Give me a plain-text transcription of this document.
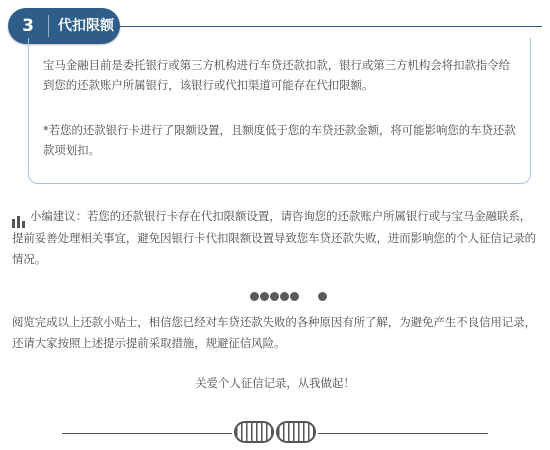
3	代扣限额

宝马金融目前是委托银行或第三方机构进行车贷还款扣款，银行或第三方机构会将扣款指令给到您的还款账户所属银行，该银行或代扣渠道可能存在代扣限额。

*若您的还款银行卡进行了限额设置，且额度低于您的车贷还款金额，将可能影响您的车贷还款款项划扣。

小编建议：若您的还款银行卡存在代扣限额设置，请咨询您的还款账户所属银行或与宝马金融联系，提前妥善处理相关事宜，避免因银行卡代扣限额设置导致您车贷还款失败，进而影响您的个人征信记录的情况。

阅览完成以上还款小贴士，相信您已经对车贷还款失败的各种原因有所了解，为避免产生不良信用记录，还请大家按照上述提示提前采取措施，规避征信风险。

关爱个人征信记录，从我做起！
